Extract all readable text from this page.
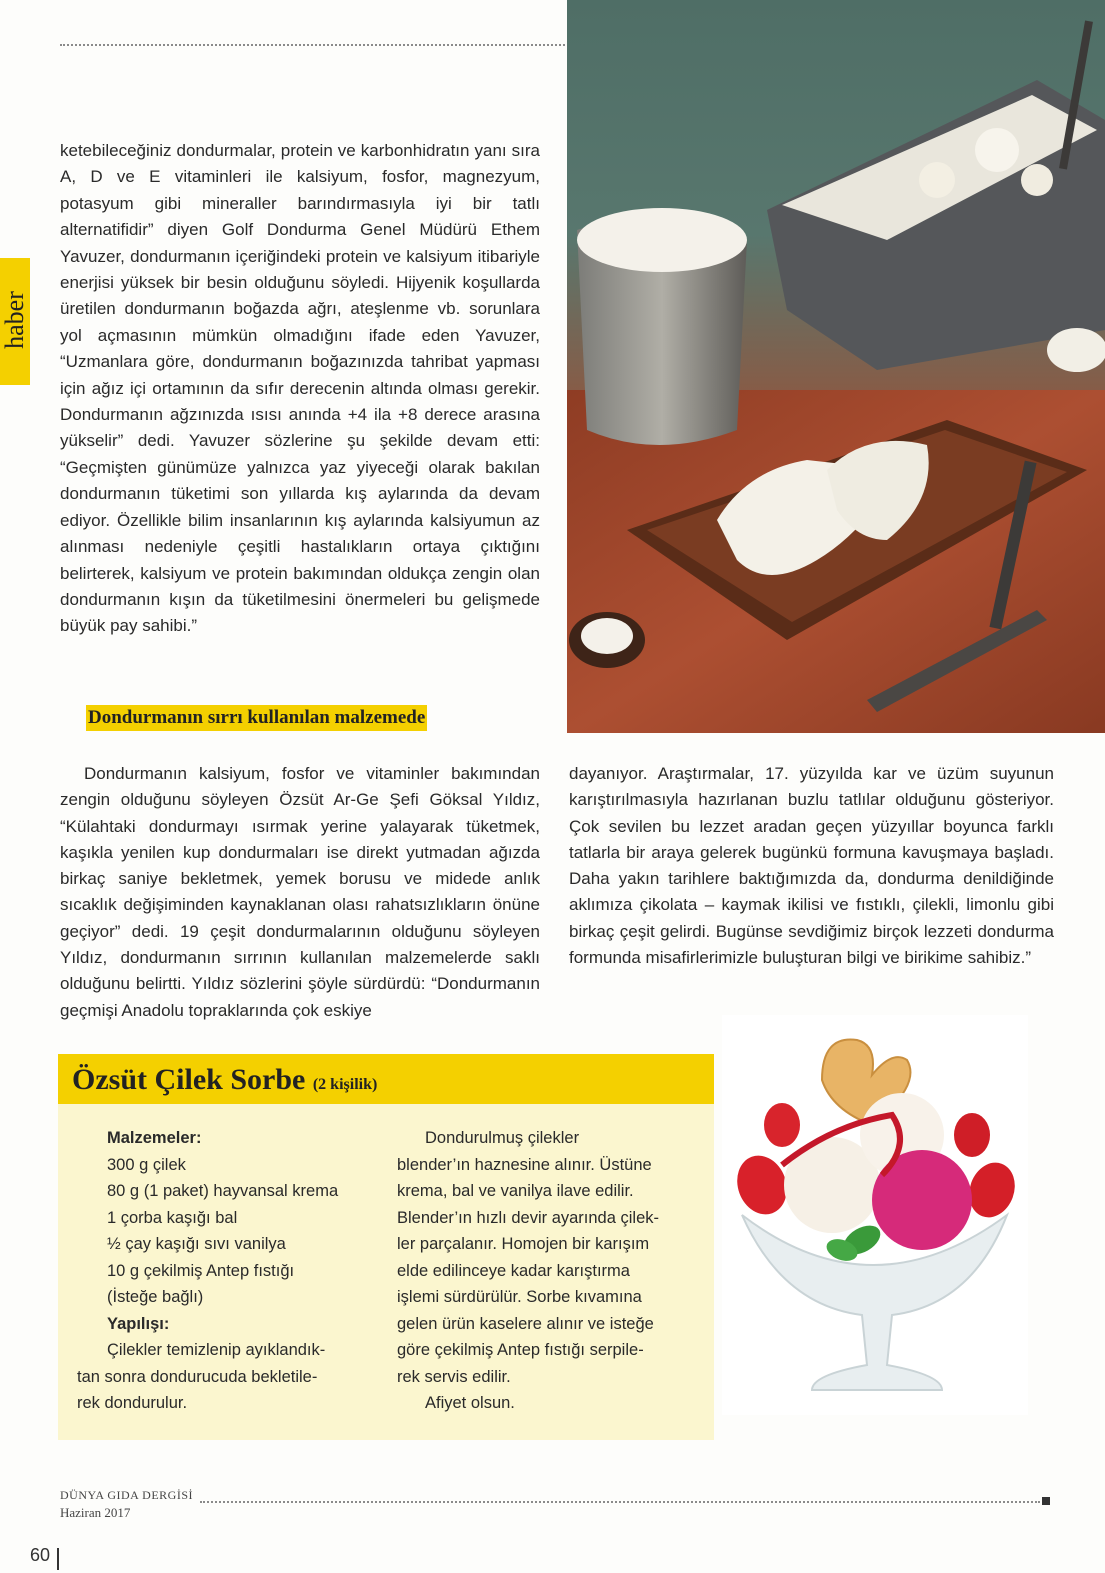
haber
ketebileceğiniz dondurmalar, protein ve karbonhidratın yanı sıra A, D ve E vitaminleri ile kalsiyum, fosfor, magnezyum, potasyum gibi mineraller barındırmasıyla iyi bir tatlı alternatifidir” diyen Golf Dondurma Genel Müdürü Ethem Yavuzer, dondurmanın içeriğindeki protein ve kalsiyum itibariyle enerjisi yüksek bir besin olduğunu söyledi. Hijyenik koşullarda üretilen dondurmanın boğazda ağrı, ateşlenme vb. sorunlara yol açmasının mümkün olmadığını ifade eden Yavuzer, “Uzmanlara göre, dondurmanın boğazınızda tahribat yapması için ağız içi ortamının da sıfır derecenin altında olması gerekir. Dondurmanın ağzınızda ısısı anında +4 ila +8 derece arasına yükselir” dedi. Yavuzer sözlerine şu şekilde devam etti: “Geçmişten günümüze yalnızca yaz yiyeceği olarak bakılan dondurmanın tüketimi son yıllarda kış aylarında da devam ediyor. Özellikle bilim insanlarının kış aylarında kalsiyumun az alınması nedeniyle çeşitli hastalıkların ortaya çıktığını belirterek, kalsiyum ve protein bakımından oldukça zengin olan dondurmanın kışın da tüketilmesini önermeleri bu gelişmede büyük pay sahibi.”
Dondurmanın sırrı kullanılan malzemede

Dondurmanın kalsiyum, fosfor ve vitaminler bakımından zengin olduğunu söyleyen Özsüt Ar-Ge Şefi Göksal Yıldız, “Külahtaki dondurmayı ısırmak yerine yalayarak tüketmek, kaşıkla yenilen kup dondurmaları ise direkt yutmadan ağızda birkaç saniye bekletmek, yemek borusu ve midede anlık sıcaklık değişiminden kaynaklanan olası rahatsızlıkların önüne geçiyor” dedi. 19 çeşit dondurmalarının olduğunu söyleyen Yıldız, dondurmanın sırrının kullanılan malzemelerde saklı olduğunu belirtti. Yıldız sözlerini şöyle sürdürdü: “Dondurmanın geçmişi Anadolu topraklarında çok eskiye

dayanıyor. Araştırmalar, 17. yüzyılda kar ve üzüm suyunun karıştırılmasıyla hazırlanan buzlu tatlılar olduğunu gösteriyor. Çok sevilen bu lezzet aradan geçen yüzyıllar boyunca farklı tatlarla bir araya gelerek bugünkü formuna kavuşmaya başladı. Daha yakın tarihlere baktığımızda da, dondurma denildiğinde aklımıza çikolata – kaymak ikilisi ve fıstıklı, çilekli, limonlu gibi birkaç çeşit gelirdi. Bugünse sevdiğimiz birçok lezzeti dondurma formunda misafirlerimizle buluşturan bilgi ve birikime sahibiz.”

Özsüt Çilek Sorbe (2 kişilik)
Malzemeler:
300 g çilek
80 g (1 paket) hayvansal krema
1 çorba kaşığı bal
½ çay kaşığı sıvı vanilya
10 g çekilmiş Antep fıstığı
(İsteğe bağlı)
Yapılışı:
Çilekler temizlenip ayıklandık-
tan sonra dondurucuda bekletile-
rek dondurulur.
Dondurulmuş çilekler
blender’ın haznesine alınır. Üstüne
krema, bal ve vanilya ilave edilir.
Blender’ın hızlı devir ayarında çilek-
ler parçalanır. Homojen bir karışım
elde edilinceye kadar karıştırma
işlemi sürdürülür. Sorbe kıvamına
gelen ürün kaselere alınır ve isteğe
göre çekilmiş Antep fıstığı serpile-
rek servis edilir.
Afiyet olsun.
DÜNYA GIDA DERGİSİ
Haziran 2017
60
